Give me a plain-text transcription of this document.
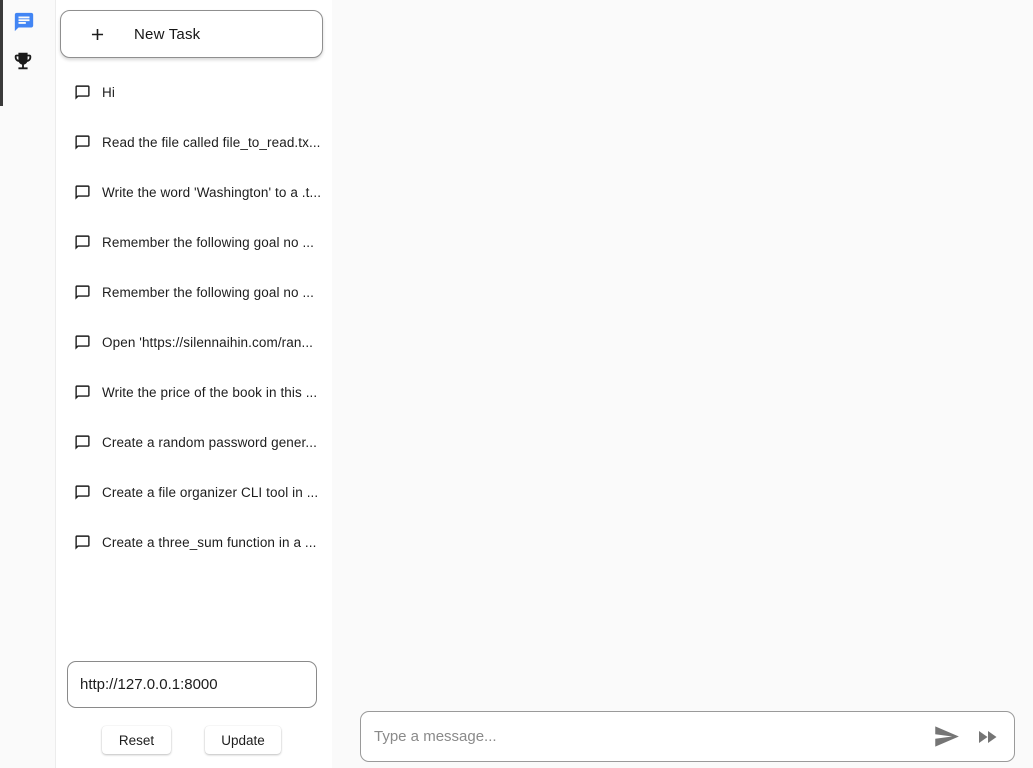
New Task
Hi
Read the file called file_to_read.tx...
Write the word 'Washington' to a .t...
Remember the following goal no ...
Remember the following goal no ...
Open 'https://silennaihin.com/ran...
Write the price of the book in this ...
Create a random password gener...
Create a file organizer CLI tool in ...
Create a three_sum function in a ...
http://127.0.0.1:8000
Reset	Update
Type a message...
